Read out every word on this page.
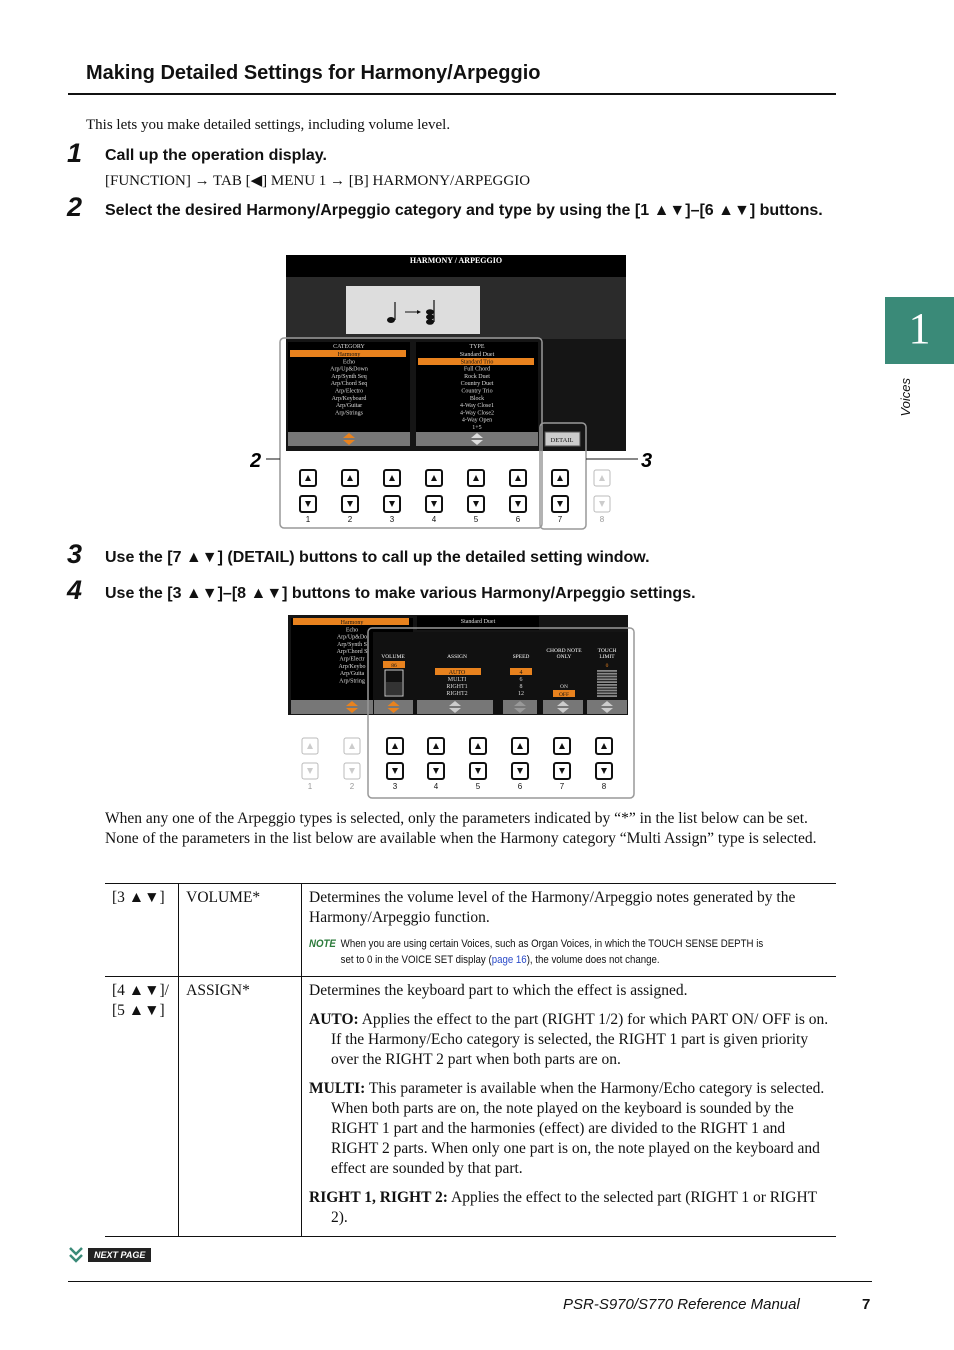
Making Detailed Settings for Harmony/Arpeggio
This lets you make detailed settings, including volume level.
1 Call up the operation display.
[FUNCTION] → TAB [◀] MENU 1 → [B] HARMONY/ARPEGGIO
2 Select the desired Harmony/Arpeggio category and type by using the [1 ▲▼]–[6 ▲▼] buttons.
1
Voices
HARMONY / ARPEGGIO
CATEGORY	TYPE
Harmony
Echo
Arp/Up&Down
Arp/Synth Seq
Arp/Chord Seq
Arp/Electro
Arp/Keyboard
Arp/Guitar
Arp/Strings
Standard Duet
Standard Trio
Full Chord
Rock Duet
Country Duet
Country Trio
Block
4-Way Close1
4-Way Close2
4-Way Open
1+5
DETAIL
2	3
1	2	3	4	5	6	7	8
3 Use the [7 ▲▼] (DETAIL) buttons to call up the detailed setting window.
4 Use the [3 ▲▼]–[8 ▲▼] buttons to make various Harmony/Arpeggio settings.
Harmony
Echo
Arp/Up&Do
Arp/Synth S
Arp/Chord S
Arp/Electr
Arp/Keybo
Arp/Guita
Arp/String
Standard Duet
VOLUME
86
ASSIGN
AUTO
MULTI
RIGHT1
RIGHT2
SPEED
4
6
8
12
CHORD NOTE
ONLY
ON
OFF
TOUCH
LIMIT
0
1	2	3	4	5	6	7	8
When any one of the Arpeggio types is selected, only the parameters indicated by “*” in the list below can be set. None of the parameters in the list below are available when the Harmony category “Multi Assign” type is selected.
[3 ▲▼]	VOLUME*	Determines the volume level of the Harmony/Arpeggio notes generated by the Harmony/Arpeggio function.
NOTE When you are using certain Voices, such as Organ Voices, in which the TOUCH SENSE DEPTH is set to 0 in the VOICE SET display (page 16), the volume does not change.

[4 ▲▼]/ [5 ▲▼]	ASSIGN*	Determines the keyboard part to which the effect is assigned.
AUTO: Applies the effect to the part (RIGHT 1/2) for which PART ON/ OFF is on. If the Harmony/Echo category is selected, the RIGHT 1 part is given priority over the RIGHT 2 part when both parts are on.
MULTI: This parameter is available when the Harmony/Echo category is selected. When both parts are on, the note played on the keyboard is sounded by the RIGHT 1 part and the harmonies (effect) are divided to the RIGHT 1 and RIGHT 2 parts. When only one part is on, the note played on the keyboard and effect are sounded by that part.
RIGHT 1, RIGHT 2: Applies the effect to the selected part (RIGHT 1 or RIGHT 2).
NEXT PAGE
PSR-S970/S770 Reference Manual	7
